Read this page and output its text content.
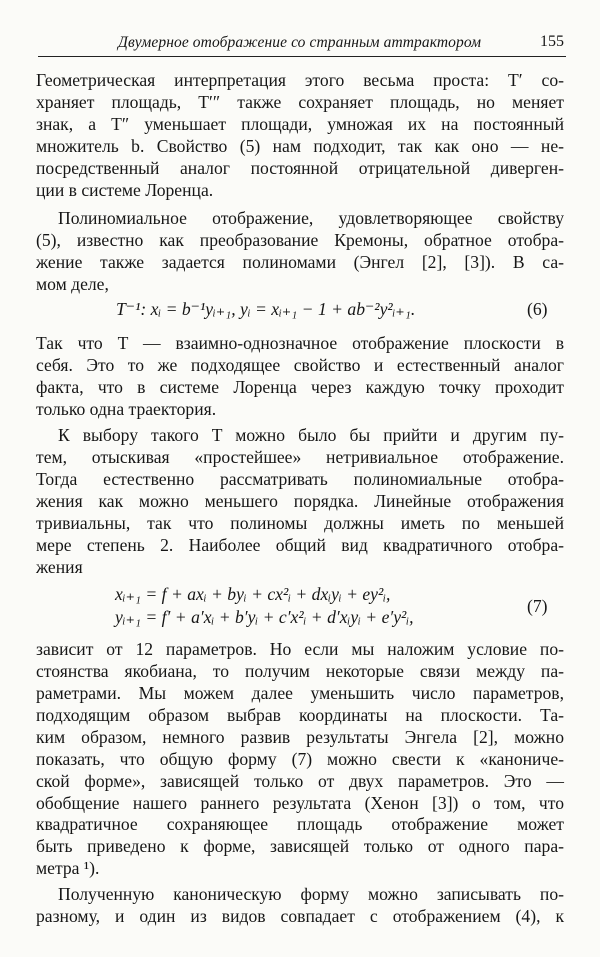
Двумерное отображение со странным аттрактором	155
Геометрическая интерпретация этого весьма проста: T′ со-
храняет площадь, T′″ также сохраняет площадь, но меняет
знак, а T″ уменьшает площади, умножая их на постоянный
множитель b. Свойство (5) нам подходит, так как оно — не-
посредственный аналог постоянной отрицательной диверген-
ции в системе Лоренца.
Полиномиальное отображение, удовлетворяющее свойству
(5), известно как преобразование Кремоны, обратное отобра-
жение также задается полиномами (Энгел [2], [3]). В са-
мом деле,
T⁻¹: xᵢ = b⁻¹yᵢ₊₁, yᵢ = xᵢ₊₁ − 1 + ab⁻²y²ᵢ₊₁.	(6)
Так что T — взаимно-однозначное отображение плоскости в
себя. Это то же подходящее свойство и естественный аналог
факта, что в системе Лоренца через каждую точку проходит
только одна траектория.
К выбору такого T можно было бы прийти и другим пу-
тем, отыскивая «простейшее» нетривиальное отображение.
Тогда естественно рассматривать полиномиальные отобра-
жения как можно меньшего порядка. Линейные отображения
тривиальны, так что полиномы должны иметь по меньшей
мере степень 2. Наиболее общий вид квадратичного отобра-
жения
xᵢ₊₁ = f + axᵢ + byᵢ + cx²ᵢ + dxᵢyᵢ + ey²ᵢ,
yᵢ₊₁ = f′ + a′xᵢ + b′yᵢ + c′x²ᵢ + d′xᵢyᵢ + e′y²ᵢ,
(7)
зависит от 12 параметров. Но если мы наложим условие по-
стоянства якобиана, то получим некоторые связи между па-
раметрами. Мы можем далее уменьшить число параметров,
подходящим образом выбрав координаты на плоскости. Та-
ким образом, немного развив результаты Энгела [2], можно
показать, что общую форму (7) можно свести к «канониче-
ской форме», зависящей только от двух параметров. Это —
обобщение нашего раннего результата (Хенон [3]) о том, что
квадратичное сохраняющее площадь отображение может
быть приведено к форме, зависящей только от одного пара-
метра ¹).
Полученную каноническую форму можно записывать по-
разному, и один из видов совпадает с отображением (4), к
